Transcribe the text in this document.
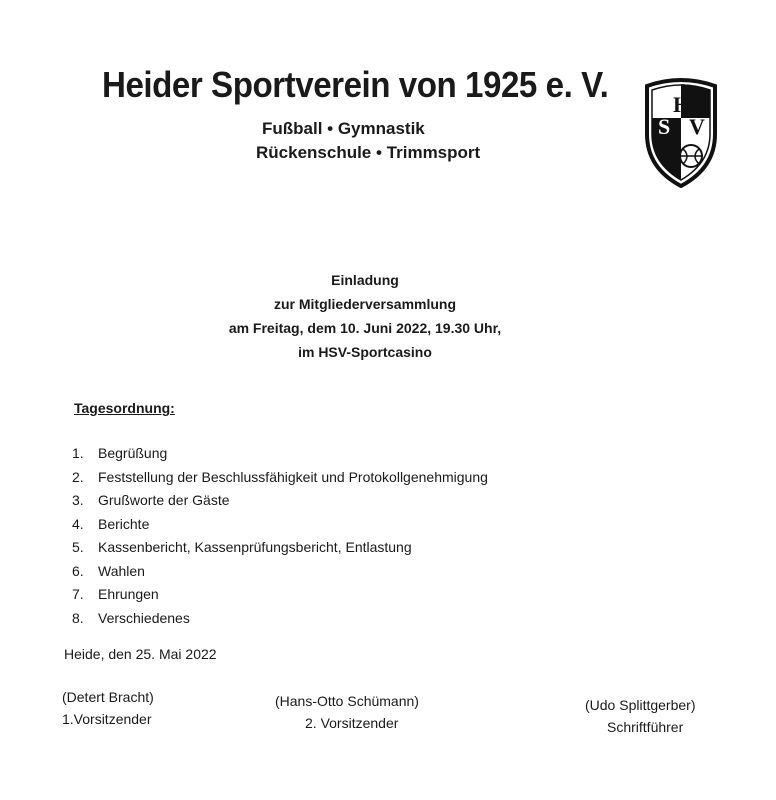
Heider Sportverein von 1925 e. V.
Fußball • Gymnastik
Rückenschule • Trimmsport
S
H
V
Einladung
zur Mitgliederversammlung
am Freitag, dem 10. Juni 2022, 19.30 Uhr,
im HSV-Sportcasino
Tagesordnung:
1. Begrüßung
2. Feststellung der Beschlussfähigkeit und Protokollgenehmigung
3. Grußworte der Gäste
4. Berichte
5. Kassenbericht, Kassenprüfungsbericht, Entlastung
6. Wahlen
7. Ehrungen
8. Verschiedenes
Heide, den 25. Mai 2022
(Detert Bracht)
1.Vorsitzender
(Hans-Otto Schümann)
2. Vorsitzender
(Udo Splittgerber)
Schriftführer
